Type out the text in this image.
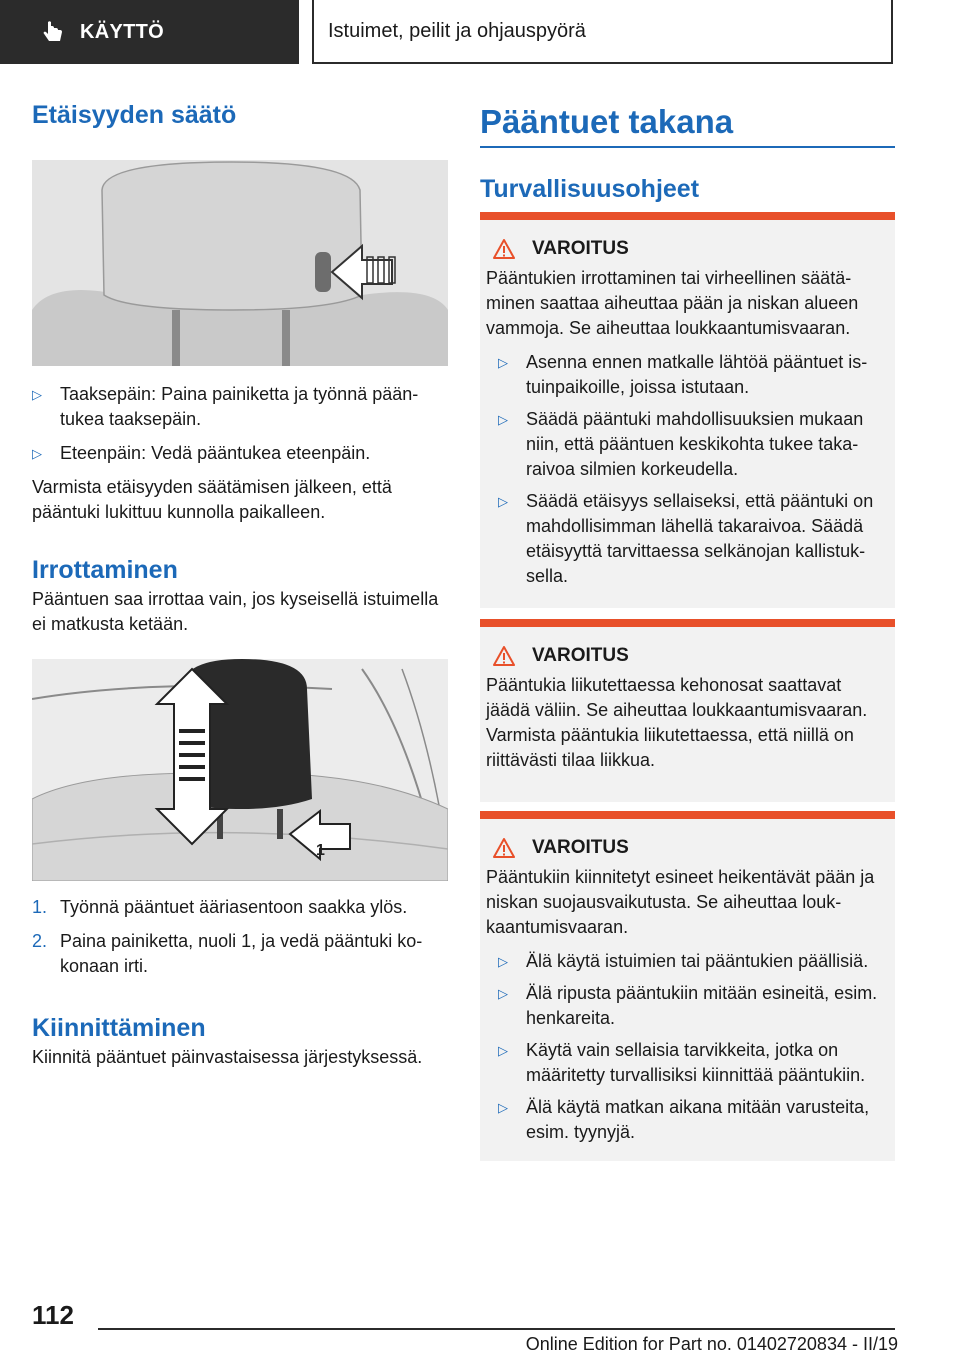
KÄYTTÖ	Istuimet, peilit ja ohjauspyörä
Etäisyyden säätö
▷	Taaksepäin: Paina painiketta ja työnnä pääntukea taaksepäin.
▷	Eteenpäin: Vedä pääntukea eteenpäin.

Varmista etäisyyden säätämisen jälkeen, että pääntuki lukittuu kunnolla paikalleen.

Irrottaminen

Pääntuen saa irrottaa vain, jos kyseisellä istuimella ei matkusta ketään.

1
1. Työnnä pääntuet ääriasentoon saakka ylös.
2. Paina painiketta, nuoli 1, ja vedä pääntuki kokonaan irti.
Kiinnittäminen

Kiinnitä pääntuet päinvastaisessa järjestyksessä.

Pääntuet takana
Turvallisuusohjeet
VAROITUS

Pääntukien irrottaminen tai virheellinen säätäminen saattaa aiheuttaa pään ja niskan alueen vammoja. Se aiheuttaa loukkaantumisvaaran.

▷	Asenna ennen matkalle lähtöä pääntuet istuinpaikoille, joissa istutaan.
▷	Säädä pääntuki mahdollisuuksien mukaan niin, että pääntuen keskikohta tukee takaraivoa silmien korkeudella.
▷	Säädä etäisyys sellaiseksi, että pääntuki on mahdollisimman lähellä takaraivoa. Säädä etäisyyttä tarvittaessa selkänojan kallistuksella.
VAROITUS

Pääntukia liikutettaessa kehonosat saattavat jäädä väliin. Se aiheuttaa loukkaantumisvaaran. Varmista pääntukia liikutettaessa, että niillä on riittävästi tilaa liikkua.

VAROITUS

Pääntukiin kiinnitetyt esineet heikentävät pään ja niskan suojausvaikutusta. Se aiheuttaa loukkaantumisvaaran.

▷	Älä käytä istuimien tai pääntukien päällisiä.
▷	Älä ripusta pääntukiin mitään esineitä, esim. henkareita.
▷	Käytä vain sellaisia tarvikkeita, jotka on määritetty turvallisiksi kiinnittää pääntukiin.
▷	Älä käytä matkan aikana mitään varusteita, esim. tyynyjä.
112
Online Edition for Part no. 01402720834 - II/19
